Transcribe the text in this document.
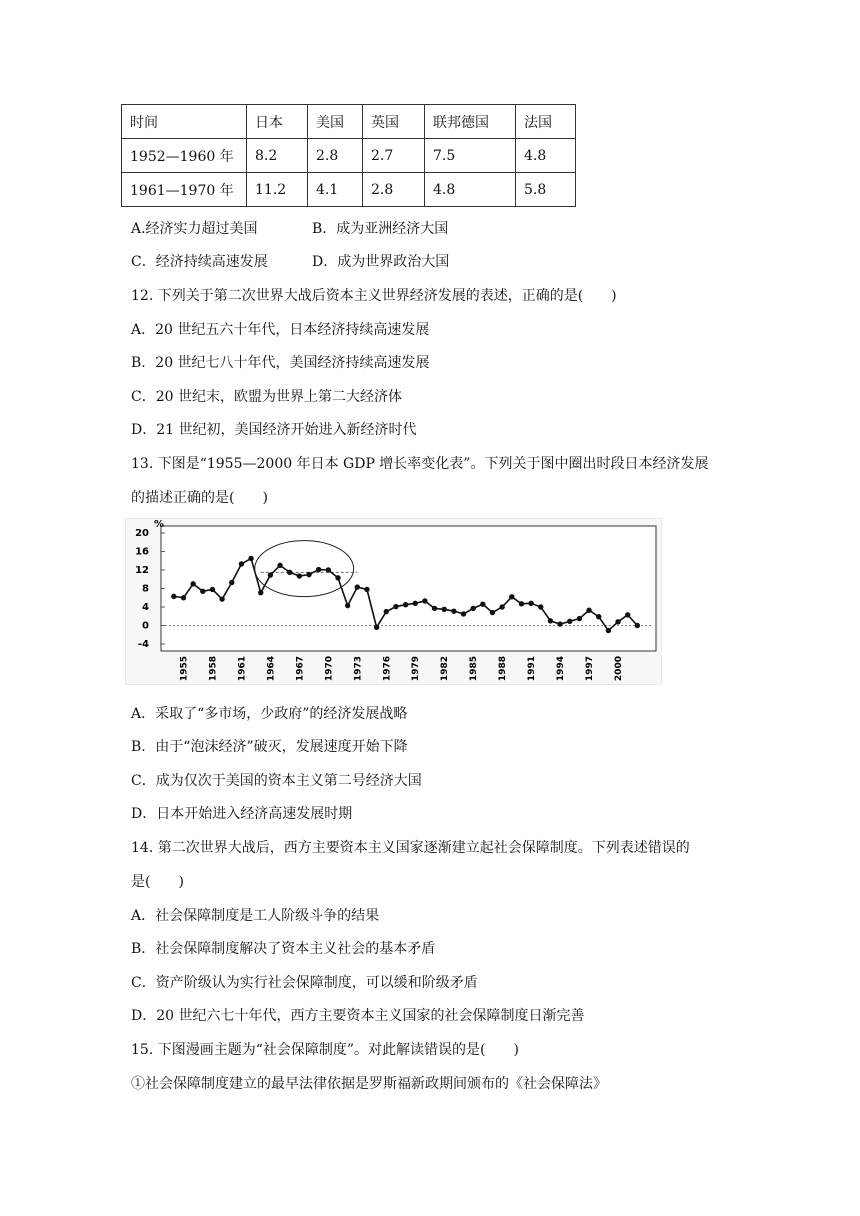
时间	日本	美国	英国	联邦德国	法国
1952—1960 年	8.2	2.8	2.7	7.5	4.8
1961—1970 年	11.2	4.1	2.8	4.8	5.8
A.经济实力超过美国	B．成为亚洲经济大国
C．经济持续高速发展	D．成为世界政治大国
12. 下列关于第二次世界大战后资本主义世界经济发展的表述，正确的是(　　)
A．20 世纪五六十年代，日本经济持续高速发展
B．20 世纪七八十年代，美国经济持续高速发展
C．20 世纪末，欧盟为世界上第二大经济体
D．21 世纪初，美国经济开始进入新经济时代
13. 下图是“1955—2000 年日本 GDP 增长率变化表”。下列关于图中圈出时段日本经济发展
的描述正确的是(　　)
%
20
16
12
8
4
0
-4
1955 1958 1961 1964 1967 1970 1973 1976 1979 1982 1985 1988 1991 1994 1997 2000
A．采取了“多市场，少政府”的经济发展战略
B．由于“泡沫经济”破灭，发展速度开始下降
C．成为仅次于美国的资本主义第二号经济大国
D．日本开始进入经济高速发展时期
14. 第二次世界大战后，西方主要资本主义国家逐渐建立起社会保障制度。下列表述错误的
是(　　)
A．社会保障制度是工人阶级斗争的结果
B．社会保障制度解决了资本主义社会的基本矛盾
C．资产阶级认为实行社会保障制度，可以缓和阶级矛盾
D．20 世纪六七十年代，西方主要资本主义国家的社会保障制度日渐完善
15. 下图漫画主题为“社会保障制度”。对此解读错误的是(　　)
①社会保障制度建立的最早法律依据是罗斯福新政期间颁布的《社会保障法》
